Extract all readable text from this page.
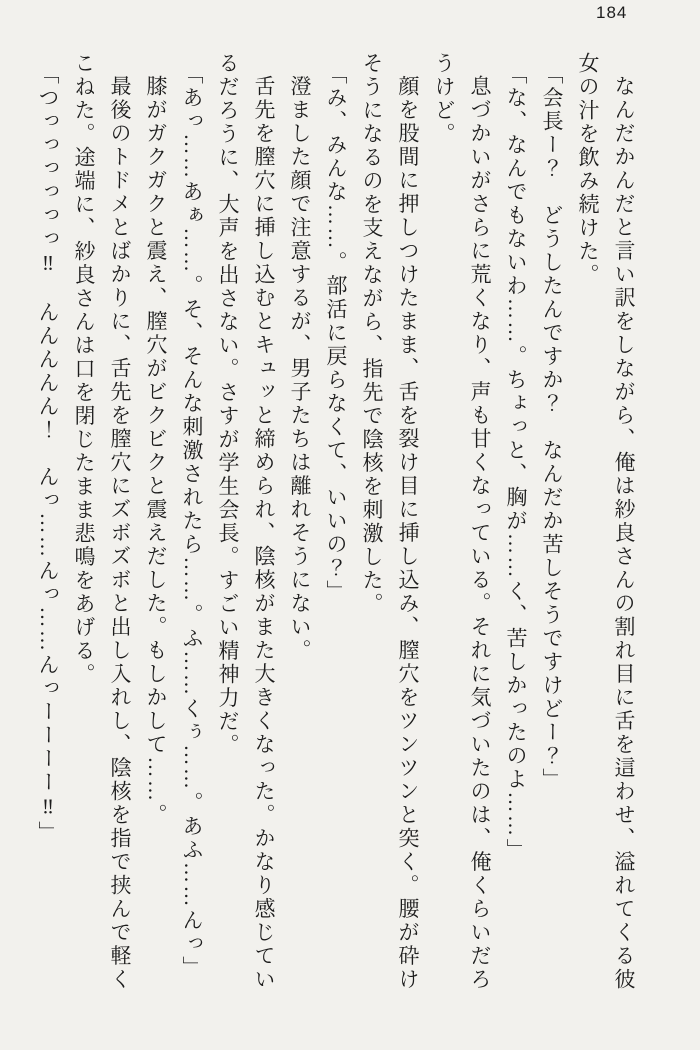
184

なんだかんだと言い訳をしながら、俺は紗良さんの割れ目に舌を這わせ、溢れてくる彼

女の汁を飲み続けた。

「会長ー？　どうしたんですか？　なんだか苦しそうですけどー？」

「な、なんでもないわ……。ちょっと、胸が……く、苦しかったのよ……」

息づかいがさらに荒くなり、声も甘くなっている。それに気づいたのは、俺くらいだろ

うけど。

顔を股間に押しつけたまま、舌を裂け目に挿し込み、膣穴をツンツンと突く。腰が砕け

そうになるのを支えながら、指先で陰核を刺激した。

「み、みんな……。部活に戻らなくて、いいの？」

澄ました顔で注意するが、男子たちは離れそうにない。

舌先を膣穴に挿し込むとキュッと締められ、陰核がまた大きくなった。かなり感じてい

るだろうに、大声を出さない。さすが学生会長。すごい精神力だ。

「あっ……あぁ……。そ、そんな刺激されたら……。ふ……くぅ……。あふ……んっ」

膝がガクガクと震え、膣穴がビクビクと震えだした。もしかして……。

最後のトドメとばかりに、舌先を膣穴にズボズボと出し入れし、陰核を指で挟んで軽く

こねた。途端に、紗良さんは口を閉じたまま悲鳴をあげる。

「つっっっっっっ‼　んんんんん！　んっ……んっ……んっーーーー‼」
